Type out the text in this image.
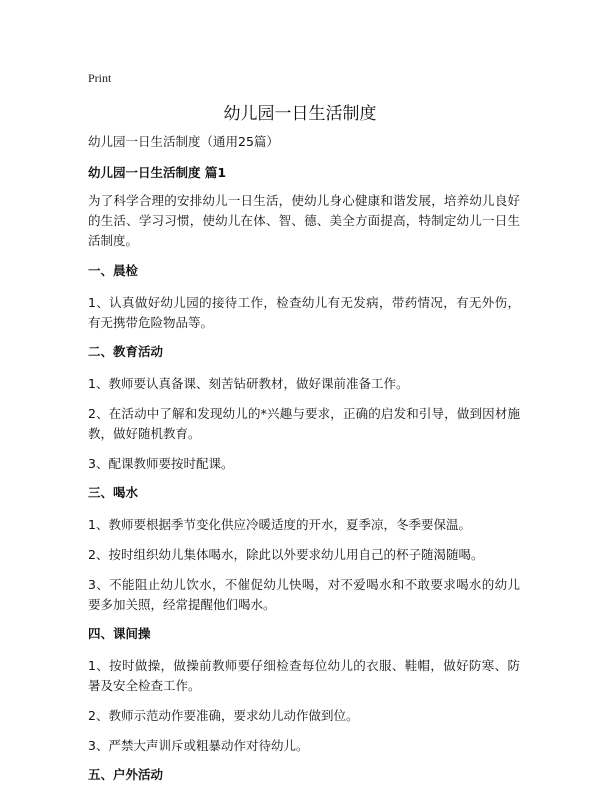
Print
幼儿园一日生活制度

幼儿园一日生活制度（通用25篇）

幼儿园一日生活制度 篇1

为了科学合理的安排幼儿一日生活，使幼儿身心健康和谐发展，培养幼儿良好的生活、学习习惯，使幼儿在体、智、德、美全方面提高，特制定幼儿一日生活制度。

一、晨检

1、认真做好幼儿园的接待工作，检查幼儿有无发病，带药情况，有无外伤，有无携带危险物品等。

二、教育活动

1、教师要认真备课、刻苦钻研教材，做好课前准备工作。

2、在活动中了解和发现幼儿的*兴趣与要求，正确的启发和引导，做到因材施教，做好随机教育。

3、配课教师要按时配课。

三、喝水

1、教师要根据季节变化供应冷暖适度的开水，夏季凉，冬季要保温。

2、按时组织幼儿集体喝水，除此以外要求幼儿用自己的杯子随渴随喝。

3、不能阻止幼儿饮水，不催促幼儿快喝，对不爱喝水和不敢要求喝水的幼儿要多加关照，经常提醒他们喝水。

四、课间操

1、按时做操，做操前教师要仔细检查每位幼儿的衣服、鞋帽，做好防寒、防暑及安全检查工作。

2、教师示范动作要准确，要求幼儿动作做到位。

3、严禁大声训斥或粗暴动作对待幼儿。

五、户外活动
